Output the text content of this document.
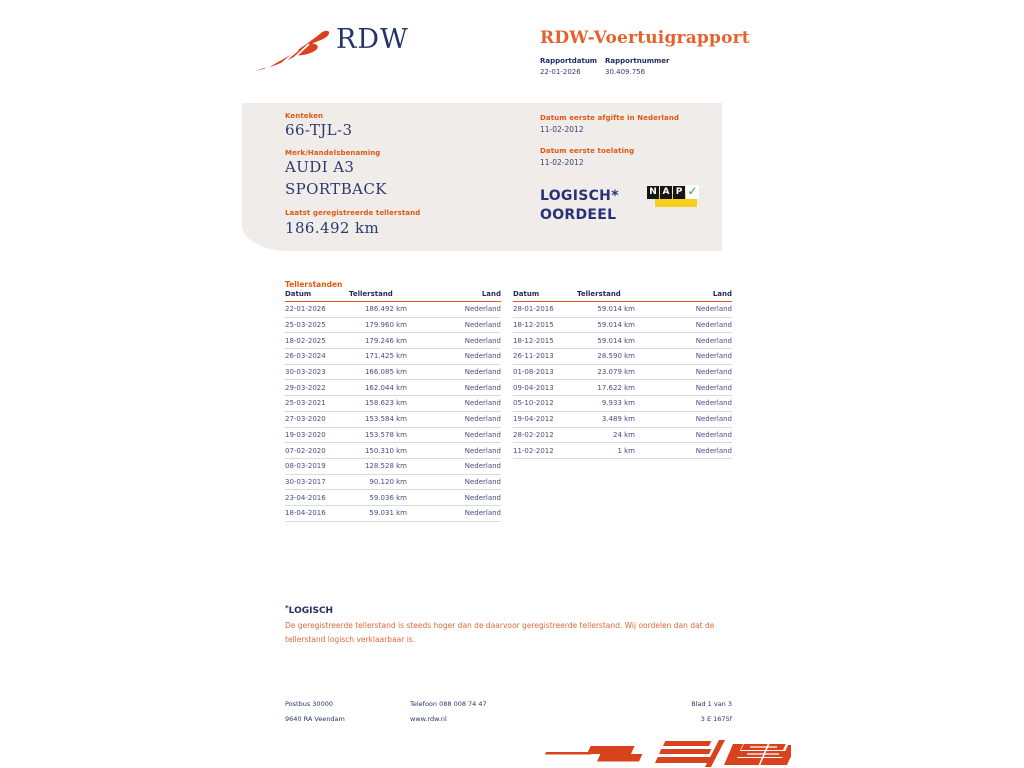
RDW	RDW-Voertuigrapport
Rapportdatum
22-01-2026
Rapportnummer
30.409.756
Kenteken
66-TJL-3
Merk/Handelsbenaming
AUDI A3
SPORTBACK
Laatst geregistreerde tellerstand
186.492 km
Datum eerste afgifte in Nederland
11-02-2012
Datum eerste toelating
11-02-2012
LOGISCH*
OORDEEL
N A P ✓
Tellerstanden
Datum	Tellerstand	Land
22-01-2026	186.492 km	Nederland
25-03-2025	179.960 km	Nederland
18-02-2025	179.246 km	Nederland
26-03-2024	171.425 km	Nederland
30-03-2023	166.085 km	Nederland
29-03-2022	162.044 km	Nederland
25-03-2021	158.623 km	Nederland
27-03-2020	153.584 km	Nederland
19-03-2020	153.578 km	Nederland
07-02-2020	150.310 km	Nederland
08-03-2019	128.528 km	Nederland
30-03-2017	90.120 km	Nederland
23-04-2016	59.036 km	Nederland
18-04-2016	59.031 km	Nederland
Datum	Tellerstand	Land
28-01-2016	59.014 km	Nederland
18-12-2015	59.014 km	Nederland
18-12-2015	59.014 km	Nederland
26-11-2013	28.590 km	Nederland
01-08-2013	23.079 km	Nederland
09-04-2013	17.622 km	Nederland
05-10-2012	9.933 km	Nederland
19-04-2012	3.489 km	Nederland
28-02-2012	24 km	Nederland
11-02-2012	1 km	Nederland
*LOGISCH
De geregistreerde tellerstand is steeds hoger dan de daarvoor geregistreerde tellerstand. Wij oordelen dan dat de tellerstand logisch verklaarbaar is.
Postbus 30000
9640 RA Veendam
Telefoon 088 008 74 47
www.rdw.nl
Blad 1 van 3
3 E 1675f
